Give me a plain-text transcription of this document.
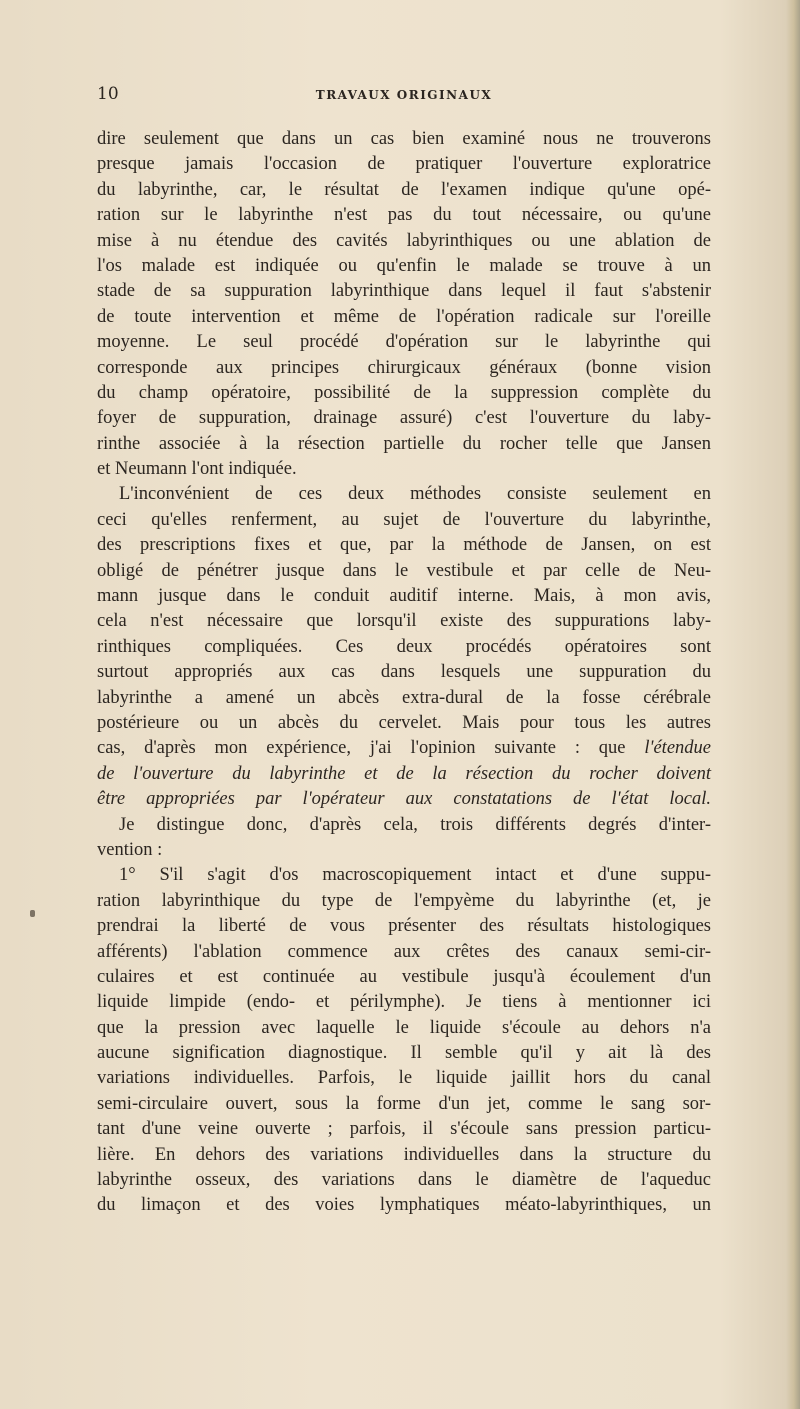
10	TRAVAUX ORIGINAUX
dire seulement que dans un cas bien examiné nous ne trouverons
presque jamais l'occasion de pratiquer l'ouverture exploratrice
du labyrinthe, car, le résultat de l'examen indique qu'une opé-
ration sur le labyrinthe n'est pas du tout nécessaire, ou qu'une
mise à nu étendue des cavités labyrinthiques ou une ablation de
l'os malade est indiquée ou qu'enfin le malade se trouve à un
stade de sa suppuration labyrinthique dans lequel il faut s'abstenir
de toute intervention et même de l'opération radicale sur l'oreille
moyenne. Le seul procédé d'opération sur le labyrinthe qui
corresponde aux principes chirurgicaux généraux (bonne vision
du champ opératoire, possibilité de la suppression complète du
foyer de suppuration, drainage assuré) c'est l'ouverture du laby-
rinthe associée à la résection partielle du rocher telle que Jansen
et Neumann l'ont indiquée.
L'inconvénient de ces deux méthodes consiste seulement en
ceci qu'elles renferment, au sujet de l'ouverture du labyrinthe,
des prescriptions fixes et que, par la méthode de Jansen, on est
obligé de pénétrer jusque dans le vestibule et par celle de Neu-
mann jusque dans le conduit auditif interne. Mais, à mon avis,
cela n'est nécessaire que lorsqu'il existe des suppurations laby-
rinthiques compliquées. Ces deux procédés opératoires sont
surtout appropriés aux cas dans lesquels une suppuration du
labyrinthe a amené un abcès extra-dural de la fosse cérébrale
postérieure ou un abcès du cervelet. Mais pour tous les autres
cas, d'après mon expérience, j'ai l'opinion suivante : que l'étendue
de l'ouverture du labyrinthe et de la résection du rocher doivent
être appropriées par l'opérateur aux constatations de l'état local.
Je distingue donc, d'après cela, trois différents degrés d'inter-
vention :
1° S'il s'agit d'os macroscopiquement intact et d'une suppu-
ration labyrinthique du type de l'empyème du labyrinthe (et, je
prendrai la liberté de vous présenter des résultats histologiques
afférents) l'ablation commence aux crêtes des canaux semi-cir-
culaires et est continuée au vestibule jusqu'à écoulement d'un
liquide limpide (endo- et périlymphe). Je tiens à mentionner ici
que la pression avec laquelle le liquide s'écoule au dehors n'a
aucune signification diagnostique. Il semble qu'il y ait là des
variations individuelles. Parfois, le liquide jaillit hors du canal
semi-circulaire ouvert, sous la forme d'un jet, comme le sang sor-
tant d'une veine ouverte ; parfois, il s'écoule sans pression particu-
lière. En dehors des variations individuelles dans la structure du
labyrinthe osseux, des variations dans le diamètre de l'aqueduc
du limaçon et des voies lymphatiques méato-labyrinthiques, un
